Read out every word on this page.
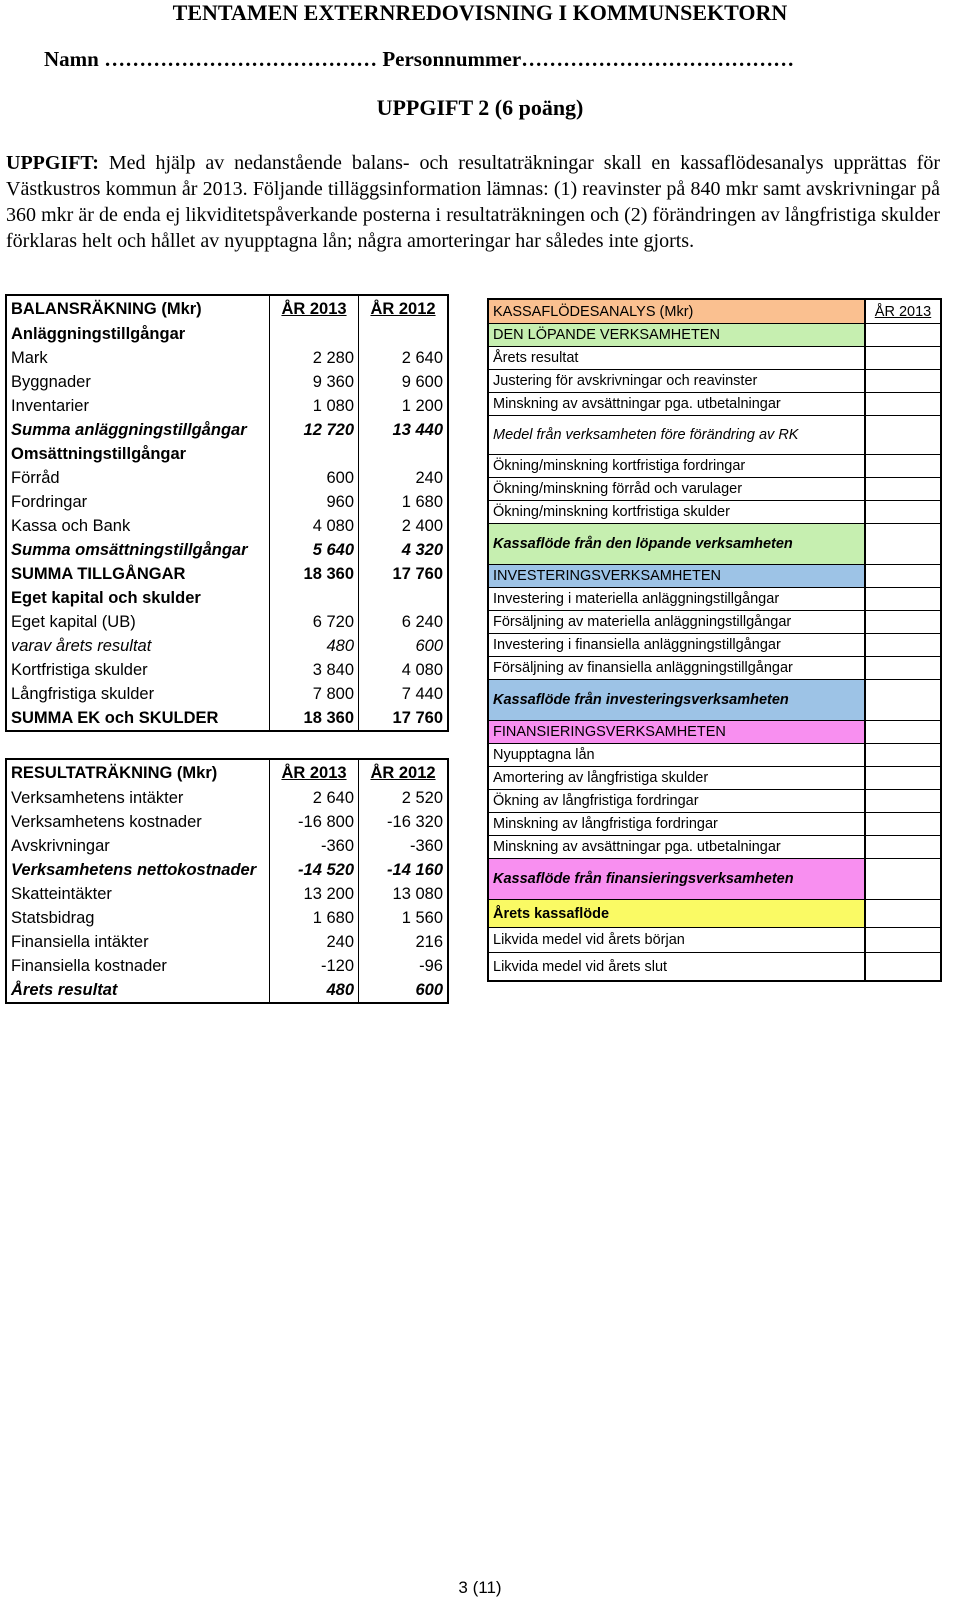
TENTAMEN EXTERNREDOVISNING I KOMMUNSEKTORN
Namn ………………………………… Personnummer…………………………………
UPPGIFT 2 (6 poäng)
UPPGIFT: Med hjälp av nedanstående balans- och resultaträkningar skall en kassaflödesanalys upprättas för Västkustros kommun år 2013. Följande tilläggsinformation lämnas: (1) reavinster på 840 mkr samt avskrivningar på 360 mkr är de enda ej likviditetspåverkande posterna i resultaträkningen och (2) förändringen av långfristiga skulder förklaras helt och hållet av nyupptagna lån; några amorteringar har således inte gjorts.
BALANSRÄKNING (Mkr)	ÅR 2013	ÅR 2012
Anläggningstillgångar		
Mark	2 280	2 640
Byggnader	9 360	9 600
Inventarier	1 080	1 200
Summa anläggningstillgångar	12 720	13 440
Omsättningstillgångar		
Förråd	600	240
Fordringar	960	1 680
Kassa och Bank	4 080	2 400
Summa omsättningstillgångar	5 640	4 320
SUMMA TILLGÅNGAR	18 360	17 760
Eget kapital och skulder		
Eget kapital (UB)	6 720	6 240
varav årets resultat	480	600
Kortfristiga skulder	3 840	4 080
Långfristiga skulder	7 800	7 440
SUMMA EK och SKULDER	18 360	17 760
RESULTATRÄKNING (Mkr)	ÅR 2013	ÅR 2012
Verksamhetens intäkter	2 640	2 520
Verksamhetens kostnader	-16 800	-16 320
Avskrivningar	-360	-360
Verksamhetens nettokostnader	-14 520	-14 160
Skatteintäkter	13 200	13 080
Statsbidrag	1 680	1 560
Finansiella intäkter	240	216
Finansiella kostnader	-120	-96
Årets resultat	480	600
KASSAFLÖDESANALYS (Mkr)	ÅR 2013
DEN LÖPANDE VERKSAMHETEN
Årets resultat
Justering för avskrivningar och reavinster
Minskning av avsättningar pga. utbetalningar
Medel från verksamheten före förändring av RK
Ökning/minskning kortfristiga fordringar
Ökning/minskning förråd och varulager
Ökning/minskning kortfristiga skulder
Kassaflöde från den löpande verksamheten
INVESTERINGSVERKSAMHETEN
Investering i materiella anläggningstillgångar
Försäljning av materiella anläggningstillgångar
Investering i finansiella anläggningstillgångar
Försäljning av finansiella anläggningstillgångar
Kassaflöde från investeringsverksamheten
FINANSIERINGSVERKSAMHETEN
Nyupptagna lån
Amortering av långfristiga skulder
Ökning av långfristiga fordringar
Minskning av långfristiga fordringar
Minskning av avsättningar pga. utbetalningar
Kassaflöde från finansieringsverksamheten
Årets kassaflöde
Likvida medel vid årets början
Likvida medel vid årets slut
3 (11)
